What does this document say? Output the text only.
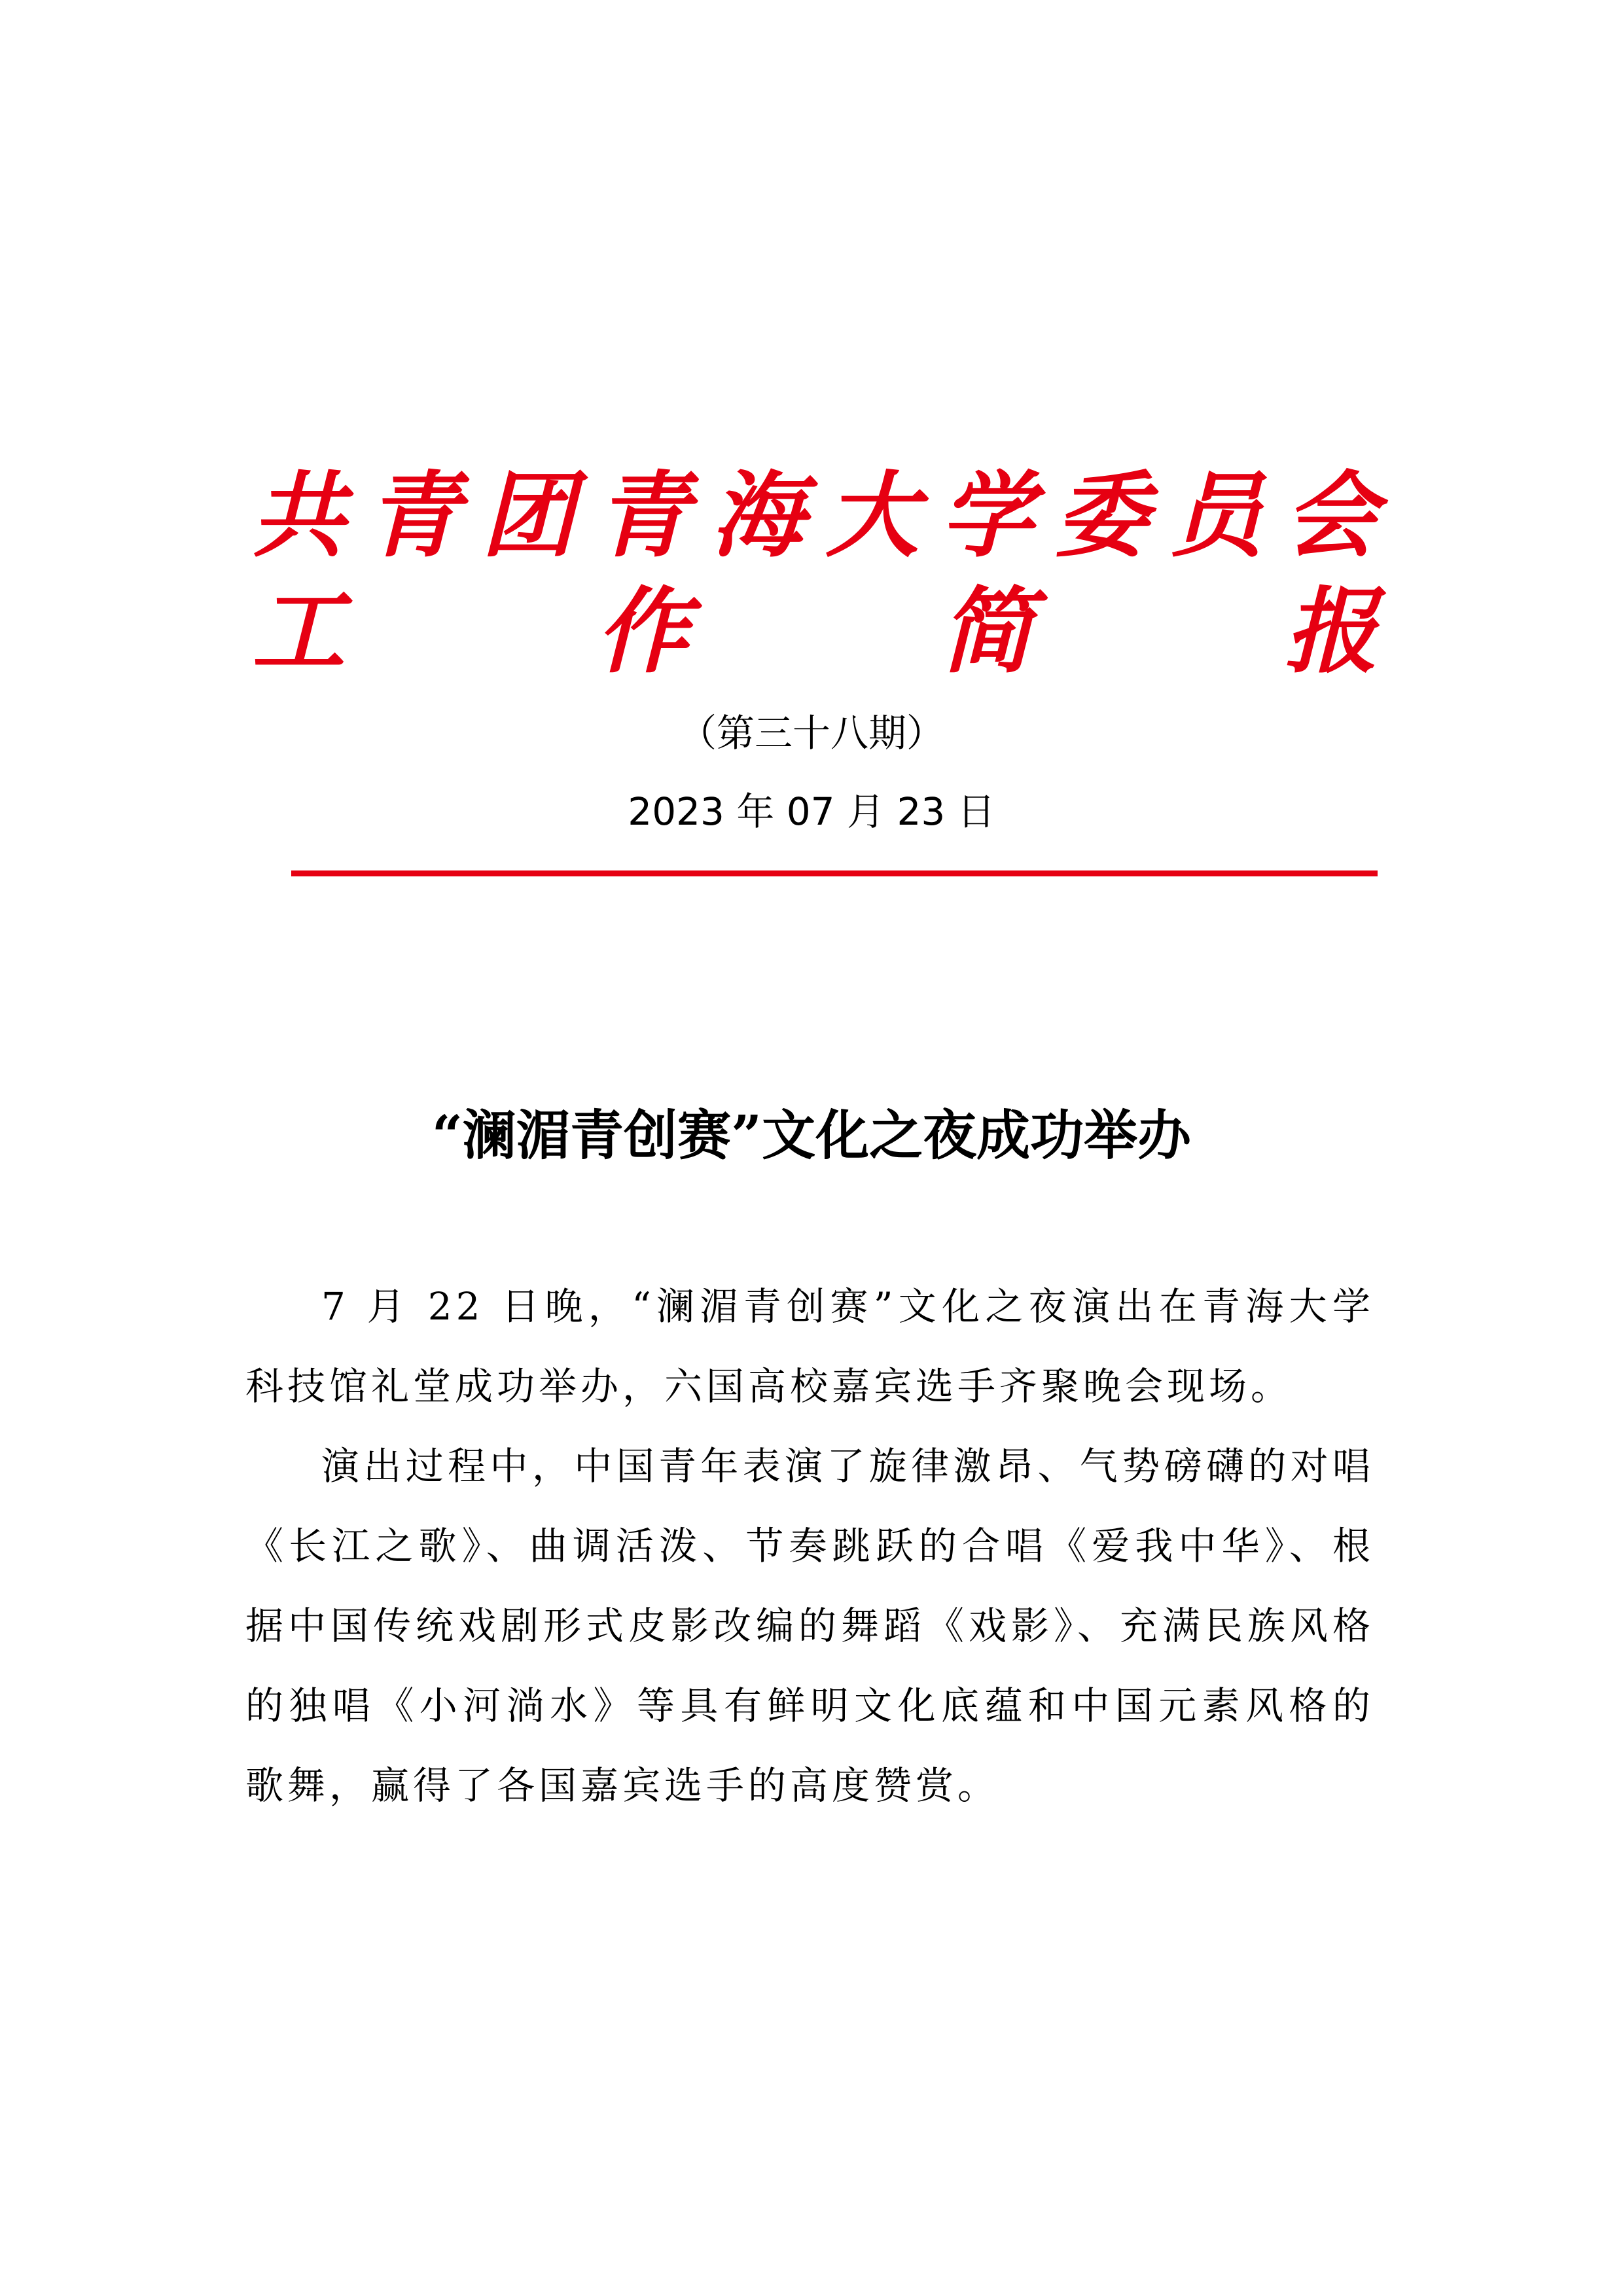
共 青 团 青 海 大 学 委 员 会
工	作	简	报
（第三十八期）
2023 年 07 月 23 日
“澜湄青创赛”文化之夜成功举办

7 月 22 日晚，“澜湄青创赛”文化之夜演出在青海大学科技馆礼堂成功举办，六国高校嘉宾选手齐聚晚会现场。

演出过程中，中国青年表演了旋律激昂、气势磅礴的对唱《长江之歌》、曲调活泼、节奏跳跃的合唱《爱我中华》、根据中国传统戏剧形式皮影改编的舞蹈《戏影》、充满民族风格的独唱《小河淌水》等具有鲜明文化底蕴和中国元素风格的歌舞，赢得了各国嘉宾选手的高度赞赏。
